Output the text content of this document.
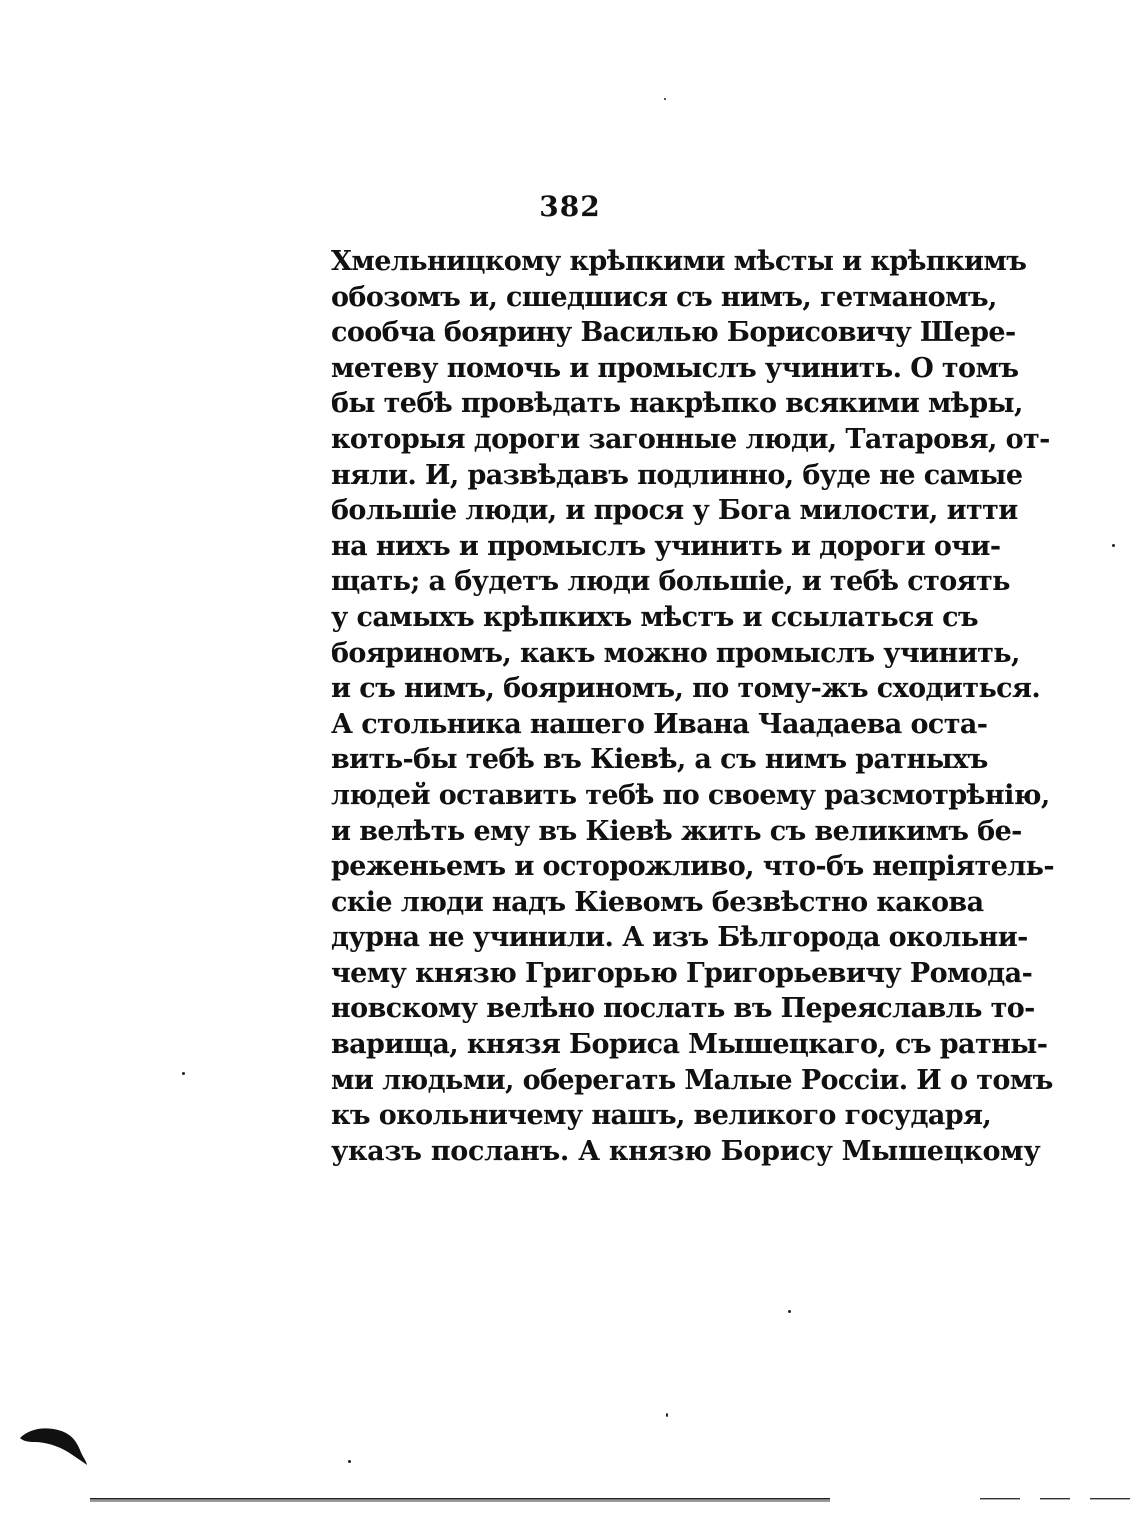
382
Хмельницкому крѣпкими мѣсты и крѣпкимъ
обозомъ и, сшедшися съ нимъ, гетманомъ,
сообча боярину Василью Борисовичу Шере-
метеву помочь и промыслъ учинить. О томъ
бы тебѣ провѣдать накрѣпко всякими мѣры,
которыя дороги загонные люди, Татаровя, от-
няли. И, развѣдавъ подлинно, буде не самые
большіе люди, и прося у Бога милости, итти
на нихъ и промыслъ учинить и дороги очи-
щать; а будетъ люди большіе, и тебѣ стоять
у самыхъ крѣпкихъ мѣстъ и ссылаться съ
бояриномъ, какъ можно промыслъ учинить,
и съ нимъ, бояриномъ, по тому-жъ сходиться.
А стольника нашего Ивана Чаадаева оста-
вить-бы тебѣ въ Кіевѣ, а съ нимъ ратныхъ
людей оставить тебѣ по своему разсмотрѣнію,
и велѣть ему въ Кіевѣ жить съ великимъ бе-
реженьемъ и осторожливо, что-бъ непріятель-
скіе люди надъ Кіевомъ безвѣстно какова
дурна не учинили. А изъ Бѣлгорода окольни-
чему князю Григорью Григорьевичу Ромода-
новскому велѣно послать въ Переяславль то-
варища, князя Бориса Мышецкаго, съ ратны-
ми людьми, оберегать Малые Россіи. И о томъ
къ окольничему нашъ, великого государя,
указъ посланъ. А князю Борису Мышецкому
